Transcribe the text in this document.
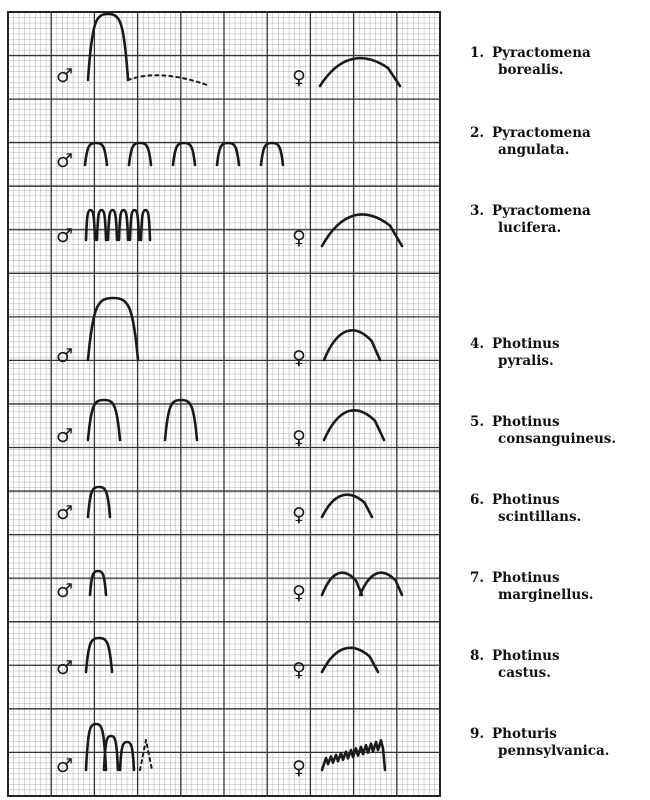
♂	♀
♂
♂	♀
♂	♀
♂	♀
♂	♀
♂	♀
♂	♀
♂	♀
1. Pyractomena
borealis.
2. Pyractomena
angulata.
3. Pyractomena
lucifera.
4. Photinus
pyralis.
5. Photinus
consanguineus.
6. Photinus
scintillans.
7. Photinus
marginellus.
8. Photinus
castus.
9. Photuris
pennsylvanica.
